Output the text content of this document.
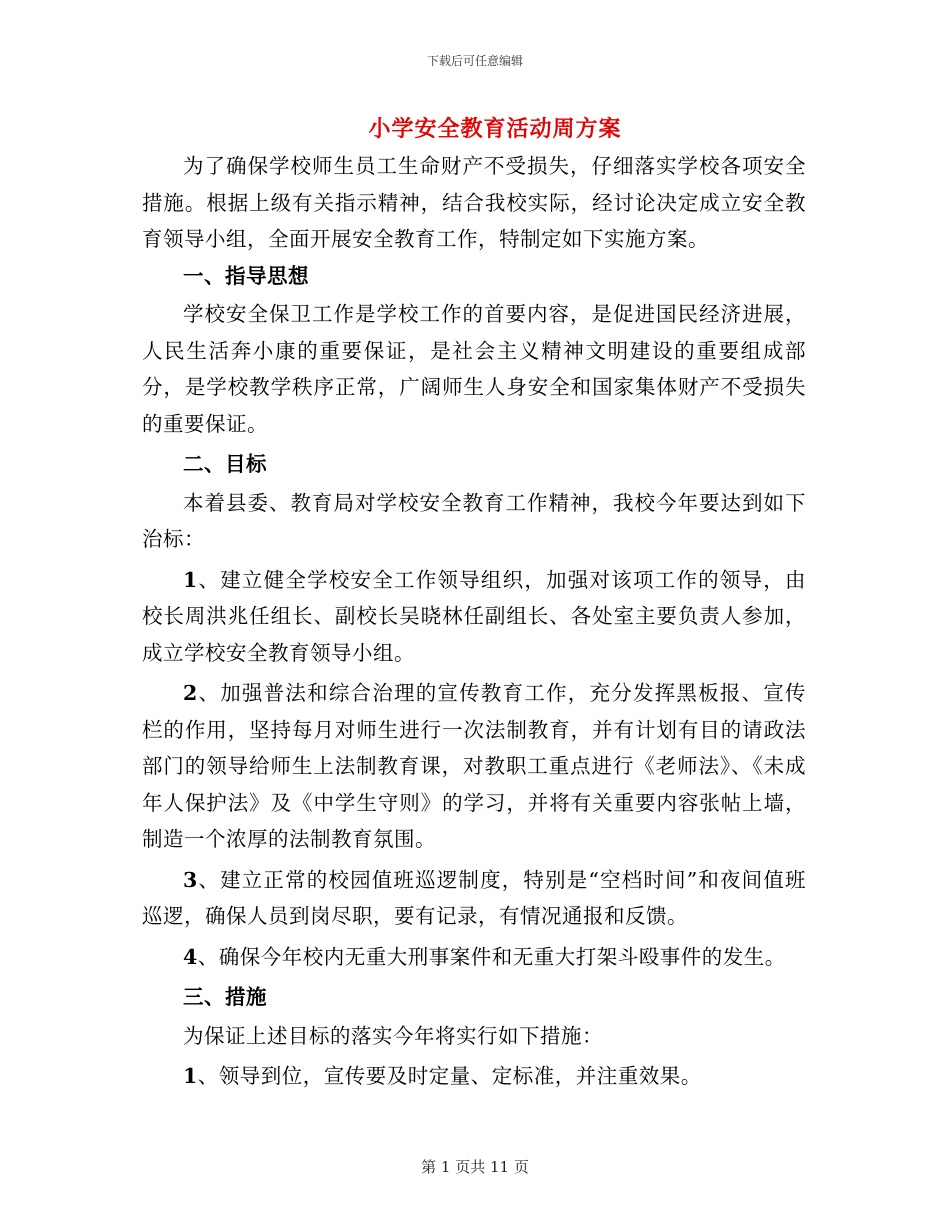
下载后可任意编辑
小学安全教育活动周方案

为了确保学校师生员工生命财产不受损失，仔细落实学校各项安全措施。根据上级有关指示精神，结合我校实际，经讨论决定成立安全教育领导小组，全面开展安全教育工作，特制定如下实施方案。

一、指导思想

学校安全保卫工作是学校工作的首要内容，是促进国民经济进展，人民生活奔小康的重要保证，是社会主义精神文明建设的重要组成部分，是学校教学秩序正常，广阔师生人身安全和国家集体财产不受损失的重要保证。

二、目标

本着县委、教育局对学校安全教育工作精神，我校今年要达到如下治标：

1、建立健全学校安全工作领导组织，加强对该项工作的领导，由校长周洪兆任组长、副校长吴晓林任副组长、各处室主要负责人参加，成立学校安全教育领导小组。

2、加强普法和综合治理的宣传教育工作，充分发挥黑板报、宣传栏的作用，坚持每月对师生进行一次法制教育，并有计划有目的请政法部门的领导给师生上法制教育课，对教职工重点进行《老师法》、《未成年人保护法》及《中学生守则》的学习，并将有关重要内容张帖上墙，制造一个浓厚的法制教育氛围。

3、建立正常的校园值班巡逻制度，特别是“空档时间”和夜间值班巡逻，确保人员到岗尽职，要有记录，有情况通报和反馈。

4、确保今年校内无重大刑事案件和无重大打架斗殴事件的发生。

三、措施

为保证上述目标的落实今年将实行如下措施：

1、领导到位，宣传要及时定量、定标准，并注重效果。

第 1 页共 11 页
